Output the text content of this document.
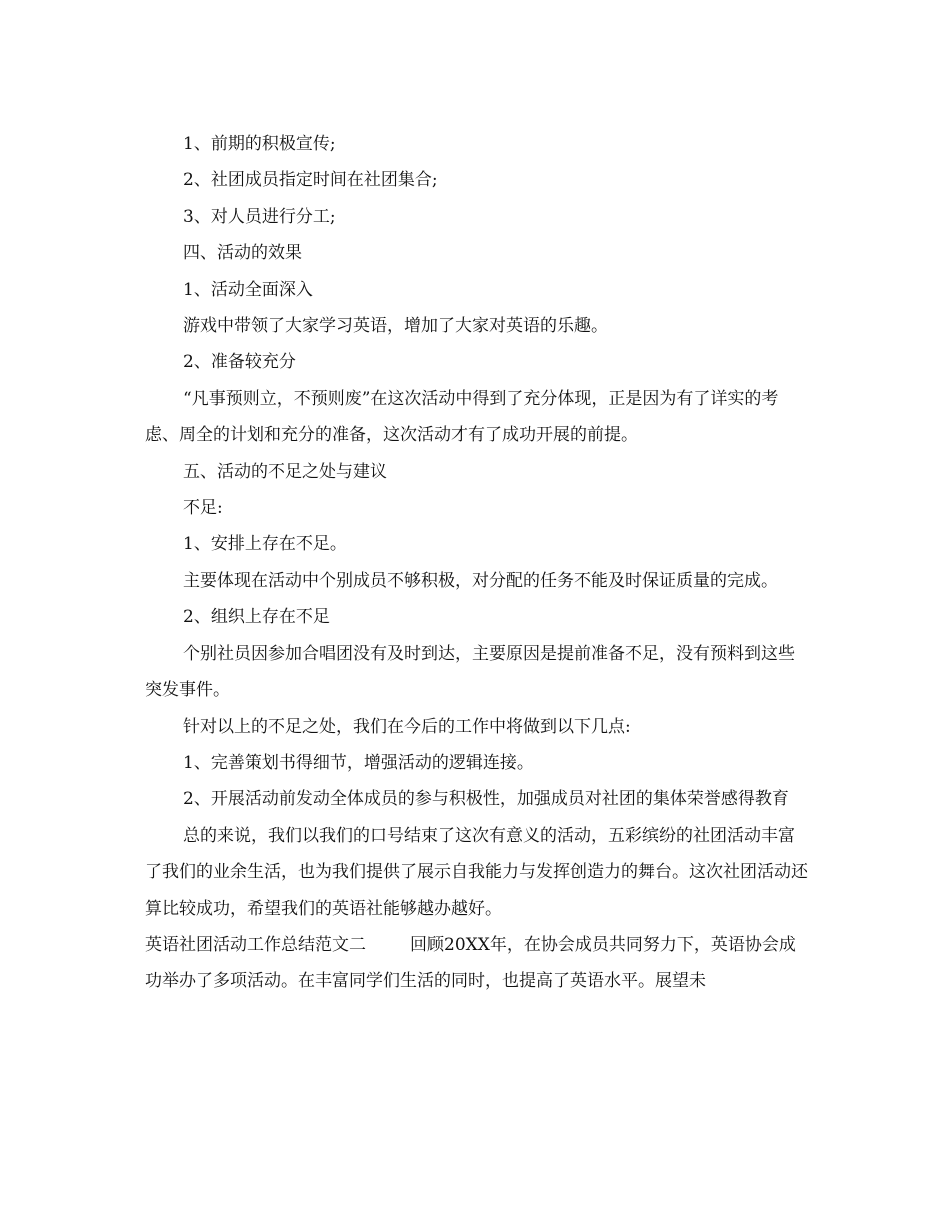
1、前期的积极宣传;

2、社团成员指定时间在社团集合;

3、对人员进行分工;

四、活动的效果

1、活动全面深入

游戏中带领了大家学习英语，增加了大家对英语的乐趣。

2、准备较充分

“凡事预则立，不预则废”在这次活动中得到了充分体现，正是因为有了详实的考虑、周全的计划和充分的准备，这次活动才有了成功开展的前提。

五、活动的不足之处与建议

不足:

1、安排上存在不足。

主要体现在活动中个别成员不够积极，对分配的任务不能及时保证质量的完成。

2、组织上存在不足

个别社员因参加合唱团没有及时到达，主要原因是提前准备不足，没有预料到这些突发事件。

针对以上的不足之处，我们在今后的工作中将做到以下几点:

1、完善策划书得细节，增强活动的逻辑连接。

2、开展活动前发动全体成员的参与积极性，加强成员对社团的集体荣誉感得教育

总的来说，我们以我们的口号结束了这次有意义的活动，五彩缤纷的社团活动丰富了我们的业余生活，也为我们提供了展示自我能力与发挥创造力的舞台。这次社团活动还算比较成功，希望我们的英语社能够越办越好。

英语社团活动工作总结范文二	回顾20XX年，在协会成员共同努力下，英语协会成功举办了多项活动。在丰富同学们生活的同时，也提高了英语水平。展望未
